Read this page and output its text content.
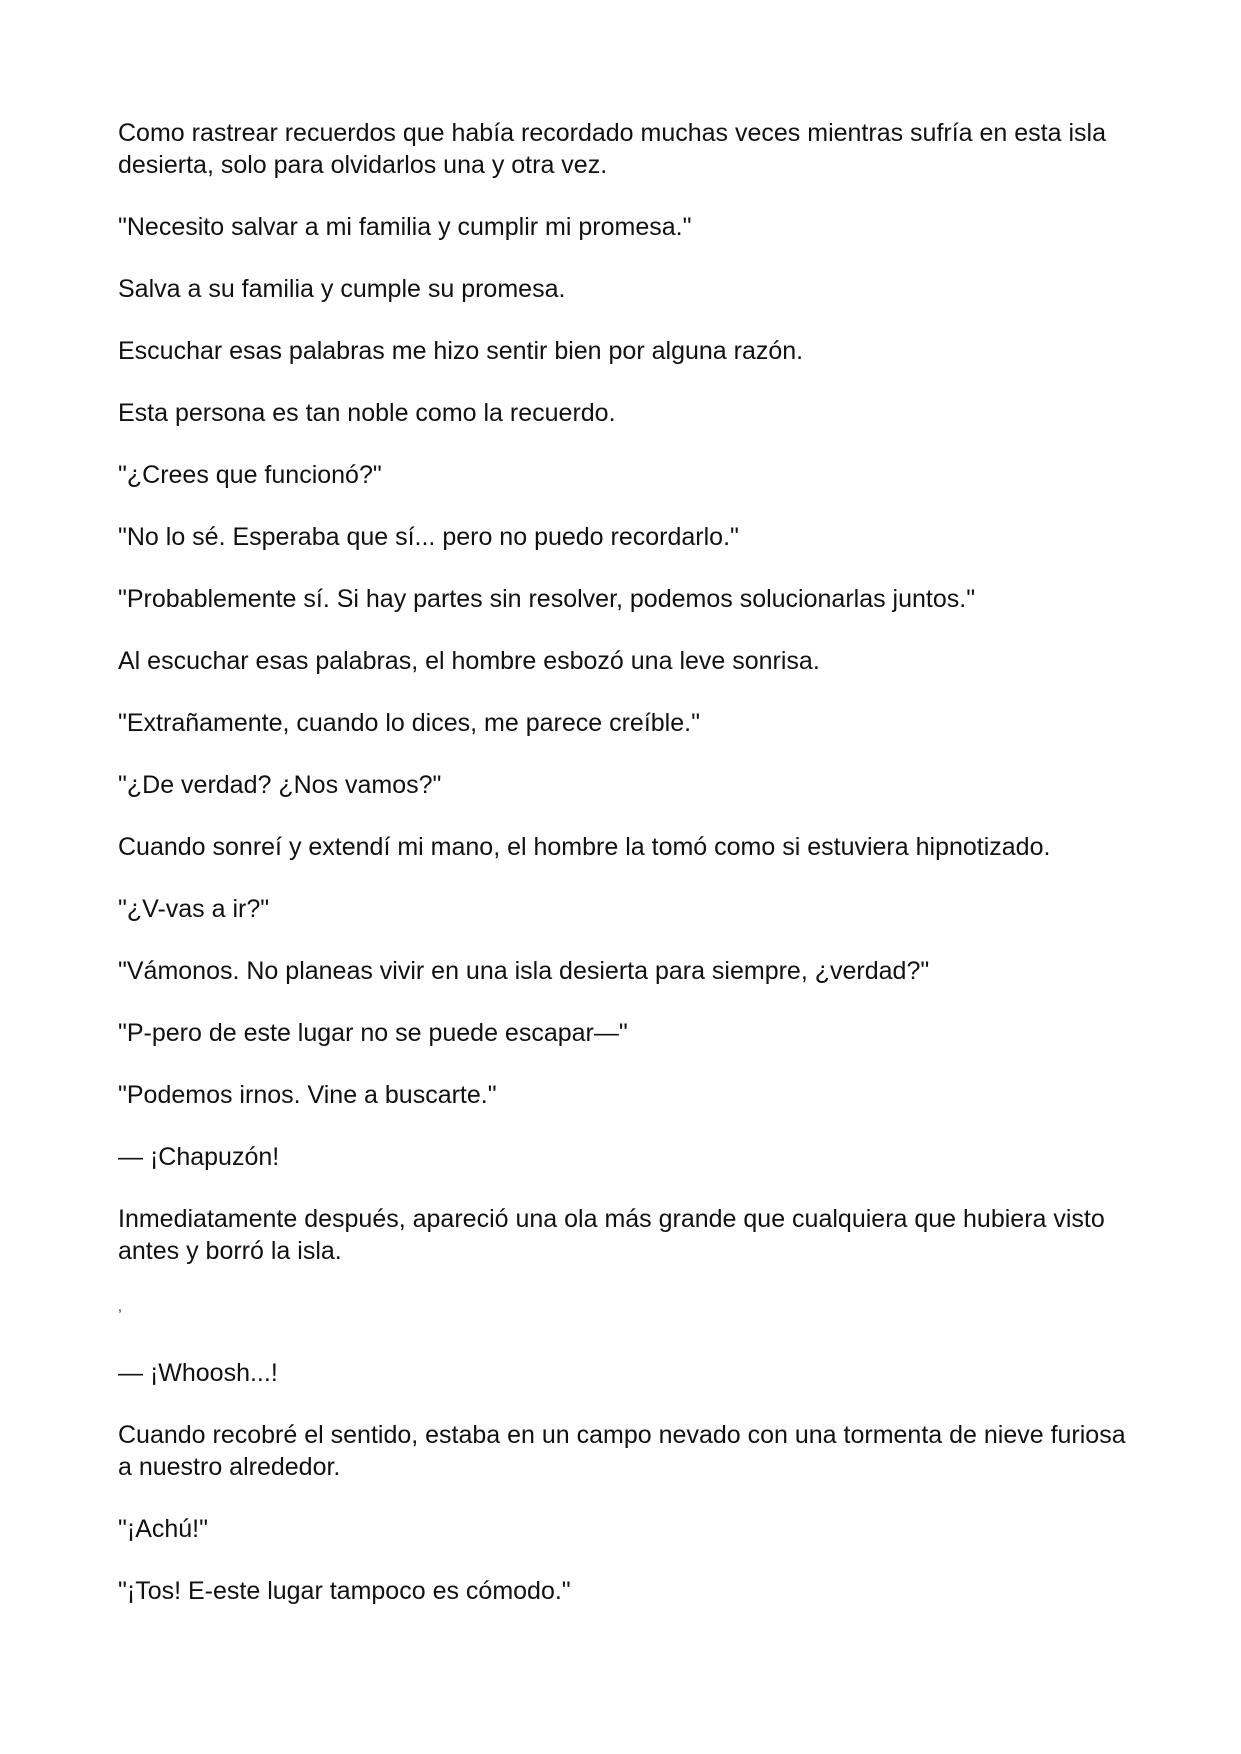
Como rastrear recuerdos que había recordado muchas veces mientras sufría en esta isla desierta, solo para olvidarlos una y otra vez.

"Necesito salvar a mi familia y cumplir mi promesa."

Salva a su familia y cumple su promesa.

Escuchar esas palabras me hizo sentir bien por alguna razón.

Esta persona es tan noble como la recuerdo.

"¿Crees que funcionó?"

"No lo sé. Esperaba que sí... pero no puedo recordarlo."

"Probablemente sí. Si hay partes sin resolver, podemos solucionarlas juntos."

Al escuchar esas palabras, el hombre esbozó una leve sonrisa.

"Extrañamente, cuando lo dices, me parece creíble."

"¿De verdad? ¿Nos vamos?"

Cuando sonreí y extendí mi mano, el hombre la tomó como si estuviera hipnotizado.

"¿V-vas a ir?"

"Vámonos. No planeas vivir en una isla desierta para siempre, ¿verdad?"

"P-pero de este lugar no se puede escapar—"

"Podemos irnos. Vine a buscarte."

— ¡Chapuzón!

Inmediatamente después, apareció una ola más grande que cualquiera que hubiera visto antes y borró la isla.

,

— ¡Whoosh...!

Cuando recobré el sentido, estaba en un campo nevado con una tormenta de nieve furiosa a nuestro alrededor.

"¡Achú!"

"¡Tos! E-este lugar tampoco es cómodo."
